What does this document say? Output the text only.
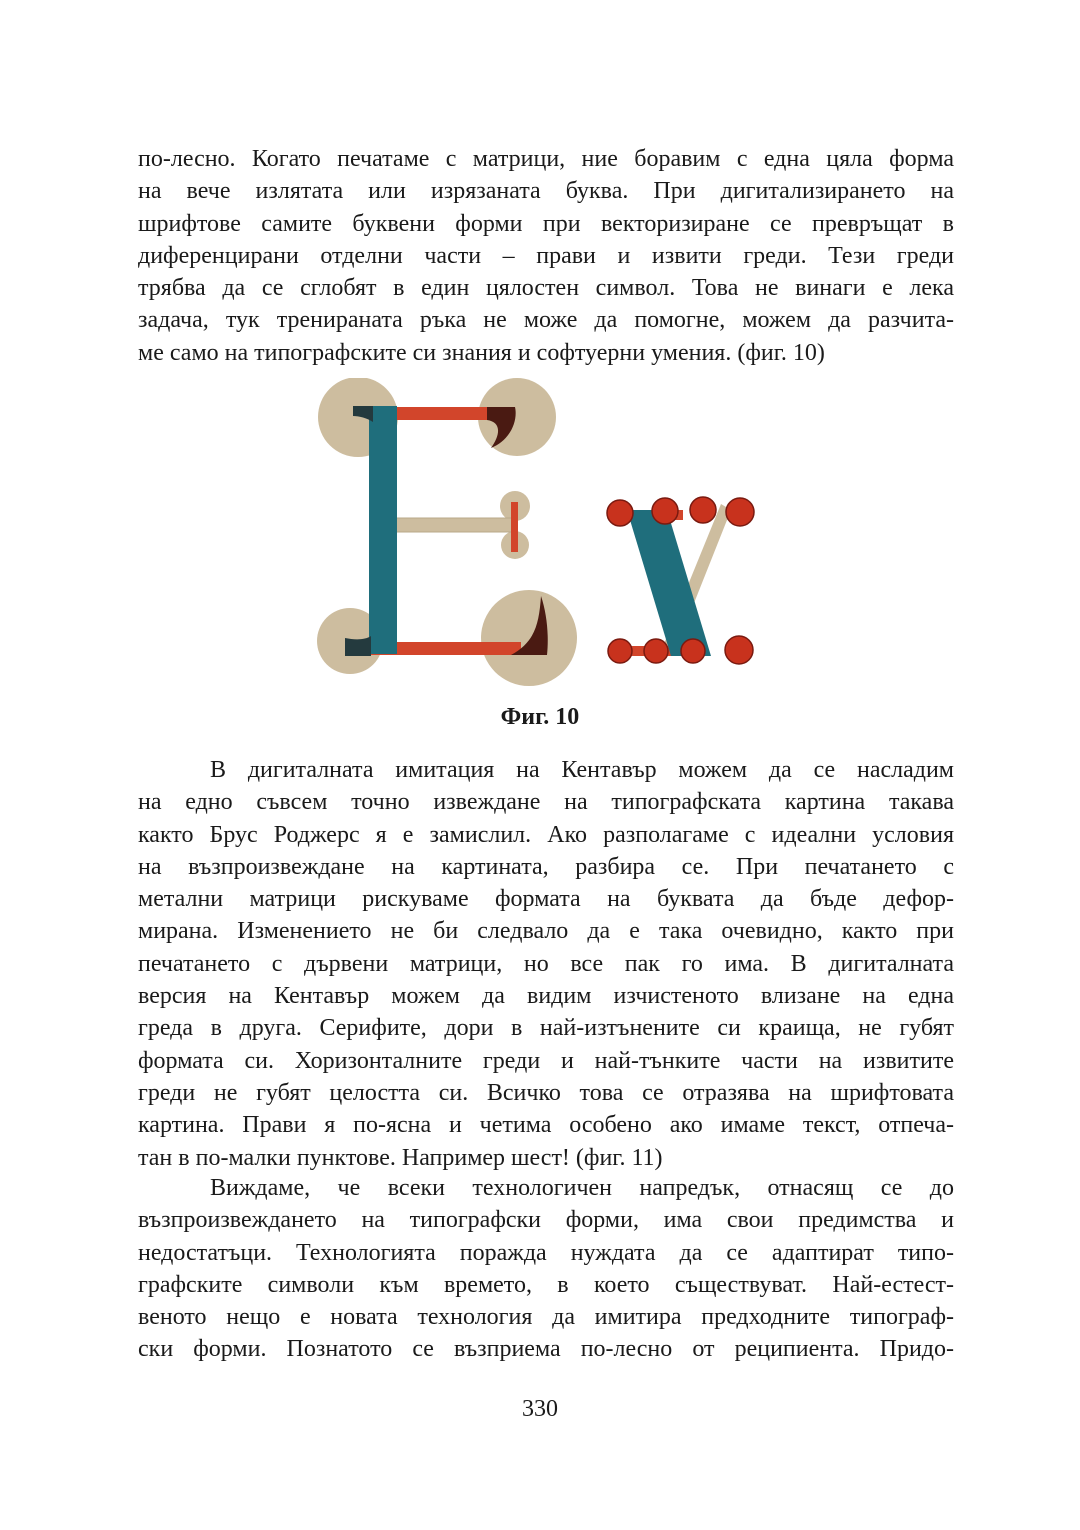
по-лесно. Когато печатаме с матрици, ние боравим с една цяла форма
на вече излятата или изрязаната буква. При дигитализирането на
шрифтове самите буквени форми при векторизиране се превръщат в
диференцирани отделни части – прави и извити греди. Тези греди
трябва да се сглобят в един цялостен символ. Това не винаги е лека
задача, тук тренираната ръка не може да помогне, можем да разчита-
ме само на типографските си знания и софтуерни умения. (фиг. 10)
Фиг. 10
В дигиталната имитация на Кентавър можем да се насладим
на едно съвсем точно извеждане на типографската картина такава
както Брус Роджерс я е замислил. Ако разполагаме с идеални условия
на възпроизвеждане на картината, разбира се. При печатането с
метални матрици рискуваме формата на буквата да бъде дефор-
мирана. Изменението не би следвало да е така очевидно, както при
печатането с дървени матрици, но все пак го има. В дигиталната
версия на Кентавър можем да видим изчистеното влизане на една
греда в друга. Серифите, дори в най-изтънените си краища, не губят
формата си. Хоризонталните греди и най-тънките части на извитите
греди не губят целостта си. Всичко това се отразява на шрифтовата
картина. Прави я по-ясна и четима особено ако имаме текст, отпеча-
тан в по-малки пунктове. Например шест! (фиг. 11)
Виждаме, че всеки технологичен напредък, отнасящ се до
възпроизвеждането на типографски форми, има свои предимства и
недостатъци. Технологията поражда нуждата да се адаптират типо-
графските символи към времето, в което съществуват. Най-естест-
веното нещо е новата технология да имитира предходните типограф-
ски форми. Познатото се възприема по-лесно от реципиента. Придо-
330
